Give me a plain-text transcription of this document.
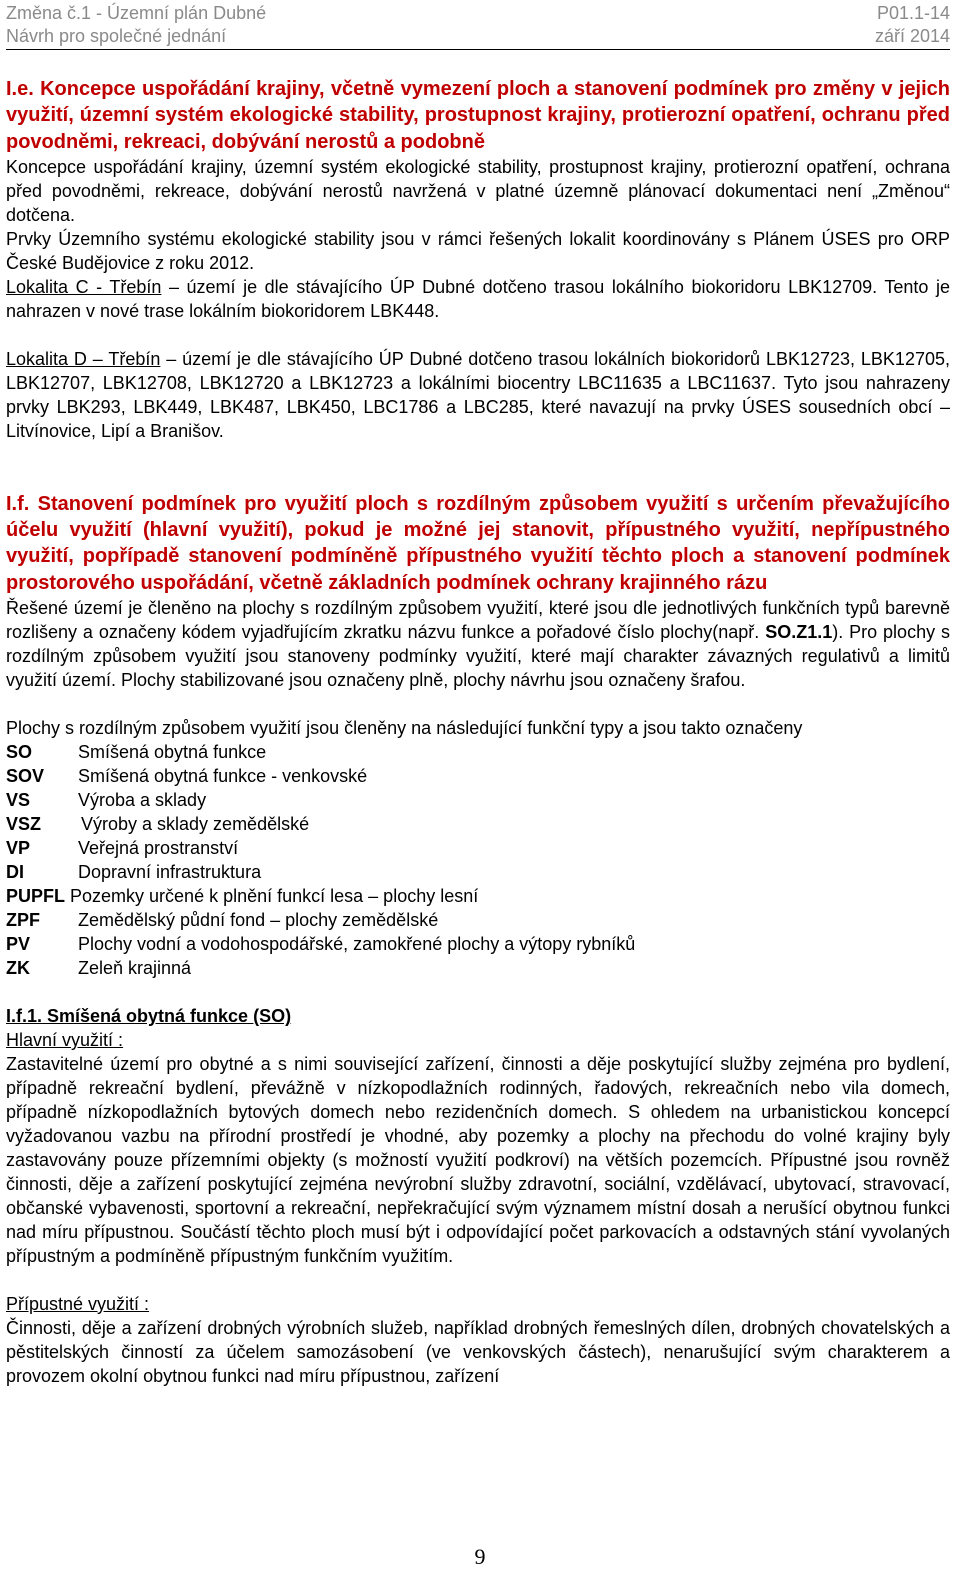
Změna č.1 - Územní plán Dubné
Návrh pro společné jednání
P01.1-14
září 2014

I.e. Koncepce uspořádání krajiny, včetně vymezení ploch a stanovení podmínek pro změny v jejich využití, územní systém ekologické stability, prostupnost krajiny, protierozní opatření, ochranu před povodněmi, rekreaci, dobývání nerostů a podobně

Koncepce uspořádání krajiny, územní systém ekologické stability, prostupnost krajiny, protierozní opatření, ochrana před povodněmi, rekreace, dobývání nerostů navržená v platné územně plánovací dokumentaci není „Změnou“ dotčena.

Prvky Územního systému ekologické stability jsou v rámci řešených lokalit koordinovány s Plánem ÚSES pro ORP České Budějovice z roku 2012.

Lokalita C - Třebín – území je dle stávajícího ÚP Dubné dotčeno trasou lokálního biokoridoru LBK12709. Tento je nahrazen v nové trase lokálním biokoridorem LBK448.

Lokalita D – Třebín – území je dle stávajícího ÚP Dubné dotčeno trasou lokálních biokoridorů LBK12723, LBK12705, LBK12707, LBK12708, LBK12720 a LBK12723 a lokálními biocentry LBC11635 a LBC11637. Tyto jsou nahrazeny prvky LBK293, LBK449, LBK487, LBK450, LBC1786 a LBC285, které navazují na prvky ÚSES sousedních obcí – Litvínovice, Lipí a Branišov.

I.f. Stanovení podmínek pro využití ploch s rozdílným způsobem využití s určením převažujícího účelu využití (hlavní využití), pokud je možné jej stanovit, přípustného využití, nepřípustného využití, popřípadě stanovení podmíněně přípustného využití těchto ploch a stanovení podmínek prostorového uspořádání, včetně základních podmínek ochrany krajinného rázu

Řešené území je členěno na plochy s rozdílným způsobem využití, které jsou dle jednotlivých funkčních typů barevně rozlišeny a označeny kódem vyjadřujícím zkratku názvu funkce a pořadové číslo plochy(např. SO.Z1.1). Pro plochy s rozdílným způsobem využití jsou stanoveny podmínky využití, které mají charakter závazných regulativů a limitů využití území. Plochy stabilizované jsou označeny plně, plochy návrhu jsou označeny šrafou.

Plochy s rozdílným způsobem využití jsou členěny na následující funkční typy a jsou takto označeny

SO	Smíšená obytná funkce
SOV	Smíšená obytná funkce - venkovské
VS	Výroba a sklady
VSZ	Výroby a sklady zemědělské
VP	Veřejná prostranství
DI	Dopravní infrastruktura
PUPFL Pozemky určené k plnění funkcí lesa – plochy lesní
ZPF	Zemědělský půdní fond – plochy zemědělské
PV	Plochy vodní a vodohospodářské, zamokřené plochy a výtopy rybníků
ZK	Zeleň krajinná

I.f.1. Smíšená obytná funkce (SO)

Hlavní využití :

Zastavitelné území pro obytné a s nimi související zařízení, činnosti a děje poskytující služby zejména pro bydlení, případně rekreační bydlení, převážně v nízkopodlažních rodinných, řadových, rekreačních nebo vila domech, případně nízkopodlažních bytových domech nebo rezidenčních domech. S ohledem na urbanistickou koncepcí vyžadovanou vazbu na přírodní prostředí je vhodné, aby pozemky a plochy na přechodu do volné krajiny byly zastavovány pouze přízemními objekty (s možností využití podkroví) na větších pozemcích. Přípustné jsou rovněž činnosti, děje a zařízení poskytující zejména nevýrobní služby zdravotní, sociální, vzdělávací, ubytovací, stravovací, občanské vybavenosti, sportovní a rekreační, nepřekračující svým významem místní dosah a nerušící obytnou funkci nad míru přípustnou. Součástí těchto ploch musí být i odpovídající počet parkovacích a odstavných stání vyvolaných přípustným a podmíněně přípustným funkčním využitím.

Přípustné využití :

Činnosti, děje a zařízení drobných výrobních služeb, například drobných řemeslných dílen, drobných chovatelských a pěstitelských činností za účelem samozásobení (ve venkovských částech), nenarušující svým charakterem a provozem okolní obytnou funkci nad míru přípustnou, zařízení

9
